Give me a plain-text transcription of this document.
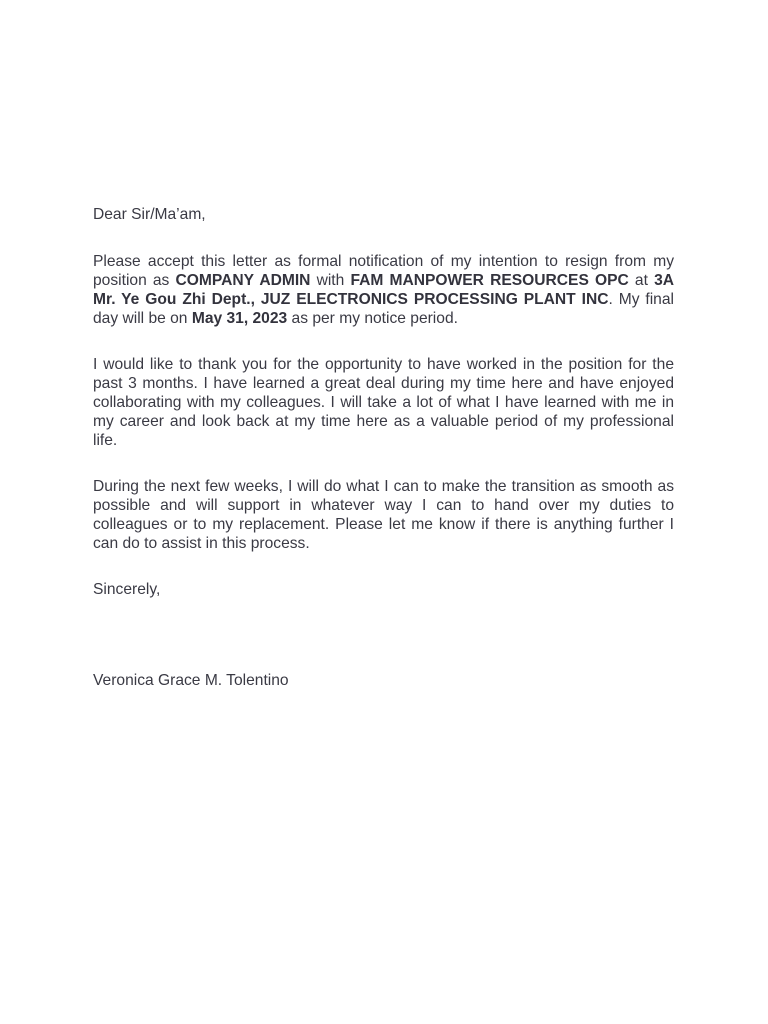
Dear Sir/Ma’am,

Please accept this letter as formal notification of my intention to resign from my position as COMPANY ADMIN with FAM MANPOWER RESOURCES OPC at 3A Mr. Ye Gou Zhi Dept., JUZ ELECTRONICS PROCESSING PLANT INC. My final day will be on May 31, 2023 as per my notice period.

I would like to thank you for the opportunity to have worked in the position for the past 3 months. I have learned a great deal during my time here and have enjoyed collaborating with my colleagues. I will take a lot of what I have learned with me in my career and look back at my time here as a valuable period of my professional life.

During the next few weeks, I will do what I can to make the transition as smooth as possible and will support in whatever way I can to hand over my duties to colleagues or to my replacement. Please let me know if there is anything further I can do to assist in this process.

Sincerely,

Veronica Grace M. Tolentino
